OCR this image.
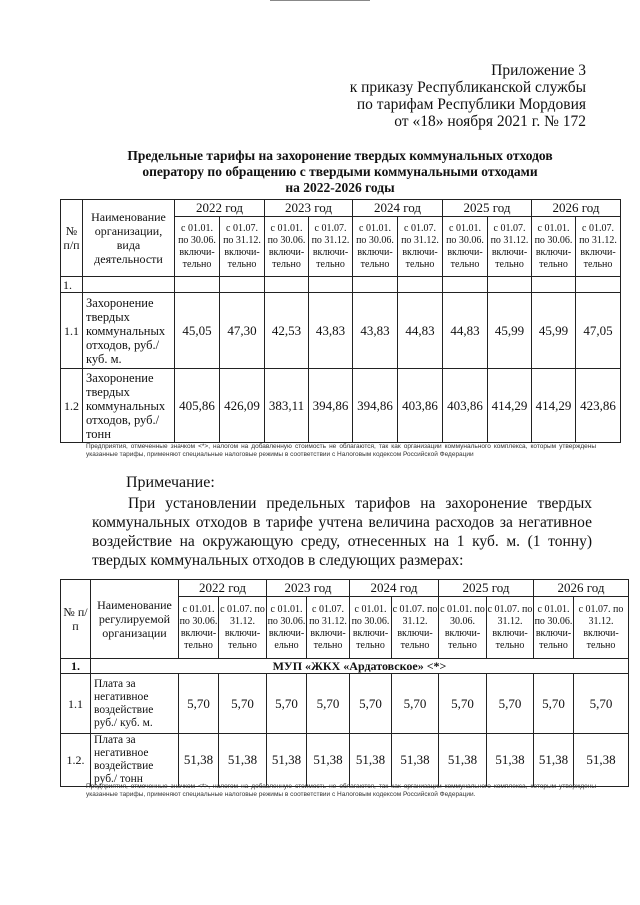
Приложение 3
к приказу Республиканской службы
по тарифам Республики Мордовия
от «18» ноября 2021 г. № 172
Предельные тарифы на захоронение твердых коммунальных отходов
оператору по обращению с твердыми коммунальными отходами
на 2022-2026 годы
№ п/п	Наименование организации, вида деятельности	2022 год		2023 год		2024 год		2025 год		2026 год	
		с 01.01. по 30.06. включи-тельно	с 01.07. по 31.12. включи-тельно	с 01.01. по 30.06. включи-тельно	с 01.07. по 31.12. включи-тельно	с 01.01. по 30.06. включи-тельно	с 01.07. по 31.12. включи-тельно	с 01.01. по 30.06. включи-тельно	с 01.07. по 31.12. включи-тельно	с 01.01. по 30.06. включи-тельно	с 01.07. по 31.12. включи-тельно
1.											
1.1	Захоронение твердых коммунальных отходов, руб./ куб. м.	45,05	47,30	42,53	43,83	43,83	44,83	44,83	45,99	45,99	47,05
1.2	Захоронение твердых коммунальных отходов, руб./ тонн	405,86	426,09	383,11	394,86	394,86	403,86	403,86	414,29	414,29	423,86
Предприятия, отмеченные значком <*>, налогом на добавленную стоимость не облагаются, так как организации коммунального комплекса, которым утверждены указанные тарифы, применяют специальные налоговые режимы в соответствии с Налоговым кодексом Российской Федерации
Примечание:
При установлении предельных тарифов на захоронение твердых коммунальных отходов в тарифе учтена величина расходов за негативное воздействие на окружающую среду, отнесенных на 1 куб. м. (1 тонну) твердых коммунальных отходов в следующих размерах:
№ п/п	Наименование регулируемой организации	2022 год		2023 год		2024 год		2025 год		2026 год	
		с 01.01. по 30.06. включи-тельно	с 01.07. по 31.12. включи-тельно	с 01.01. по 30.06. включи-ельно	с 01.07. по 31.12. включи-тельно	с 01.01. по 30.06. включи-тельно	с 01.07. по 31.12. включи-тельно	с 01.01. по 30.06. включи-тельно	с 01.07. по 31.12. включи-тельно	с 01.01. по 30.06. включи-тельно	с 01.07. по 31.12. включи-тельно
1.	МУП «ЖКХ «Ардатовское» <*>										
1.1	Плата за негативное воздействие руб./ куб. м.	5,70	5,70	5,70	5,70	5,70	5,70	5,70	5,70	5,70	5,70
1.2.	Плата за негативное воздействие руб./ тонн	51,38	51,38	51,38	51,38	51,38	51,38	51,38	51,38	51,38	51,38
Предприятия, отмеченные значком <*>, налогом на добавленную стоимость не облагаются, так как организации коммунального комплекса, которым утверждены указанные тарифы, применяют специальные налоговые режимы в соответствии с Налоговым кодексом Российской Федерации.
